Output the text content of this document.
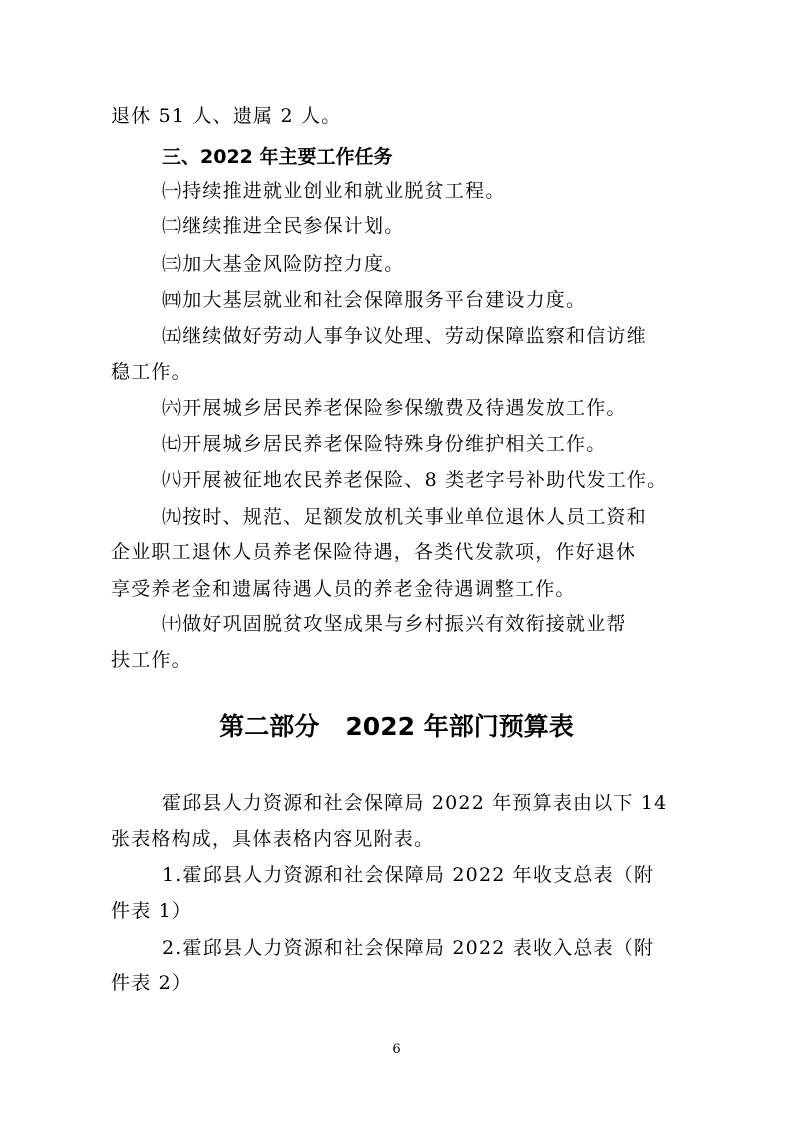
退休 51 人、遗属 2 人。
三、2022 年主要工作任务
㈠持续推进就业创业和就业脱贫工程。
㈡继续推进全民参保计划。
㈢加大基金风险防控力度。
㈣加大基层就业和社会保障服务平台建设力度。
㈤继续做好劳动人事争议处理、劳动保障监察和信访维
稳工作。
㈥开展城乡居民养老保险参保缴费及待遇发放工作。
㈦开展城乡居民养老保险特殊身份维护相关工作。
㈧开展被征地农民养老保险、8 类老字号补助代发工作。
㈨按时、规范、足额发放机关事业单位退休人员工资和
企业职工退休人员养老保险待遇，各类代发款项，作好退休
享受养老金和遗属待遇人员的养老金待遇调整工作。
㈩做好巩固脱贫攻坚成果与乡村振兴有效衔接就业帮
扶工作。
第二部分   2022 年部门预算表
霍邱县人力资源和社会保障局 2022 年预算表由以下 14
张表格构成，具体表格内容见附表。
1.霍邱县人力资源和社会保障局 2022 年收支总表（附
件表 1）
2.霍邱县人力资源和社会保障局 2022 表收入总表（附
件表 2）
6
